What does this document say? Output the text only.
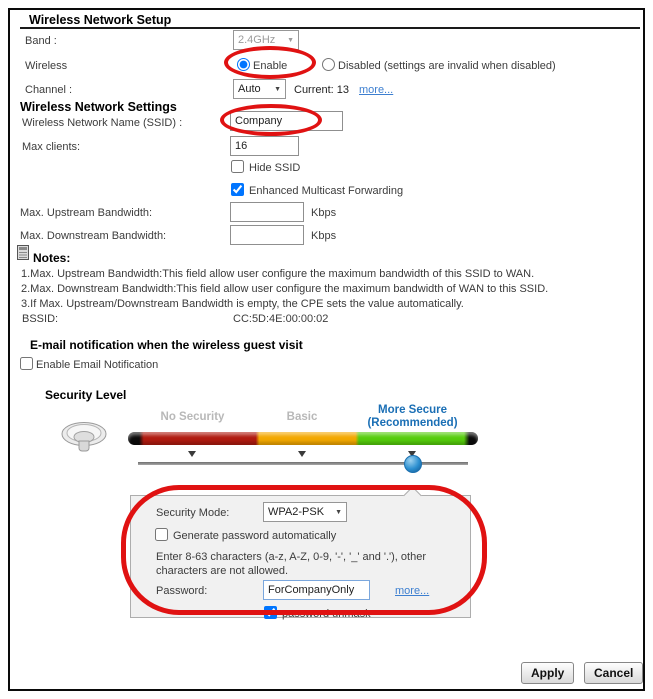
Wireless Network Setup
Band :	2.4GHz ▼
Wireless	Enable	Disabled (settings are invalid when disabled)
Channel :	Auto ▼ Current: 13 more...
Wireless Network Settings
Wireless Network Name (SSID) :
Company
Max clients:
16
Hide SSID
Enhanced Multicast Forwarding
Max. Upstream Bandwidth:	Kbps
Max. Downstream Bandwidth:	Kbps
Notes:
1.Max. Upstream Bandwidth:This field allow user configure the maximum bandwidth of this SSID to WAN.
2.Max. Downstream Bandwidth:This field allow user configure the maximum bandwidth of WAN to this SSID.
3.If Max. Upstream/Downstream Bandwidth is empty, the CPE sets the value automatically.
BSSID:	CC:5D:4E:00:00:02
E-mail notification when the wireless guest visit
Enable Email Notification
Security Level
No Security	Basic
More Secure
(Recommended)
Security Mode:	WPA2-PSK ▼
Generate password automatically
Enter 8-63 characters (a-z, A-Z, 0-9, '-', '_' and '.'), other characters are not allowed.
Password:
ForCompanyOnly	more...
password unmask
Apply	Cancel
